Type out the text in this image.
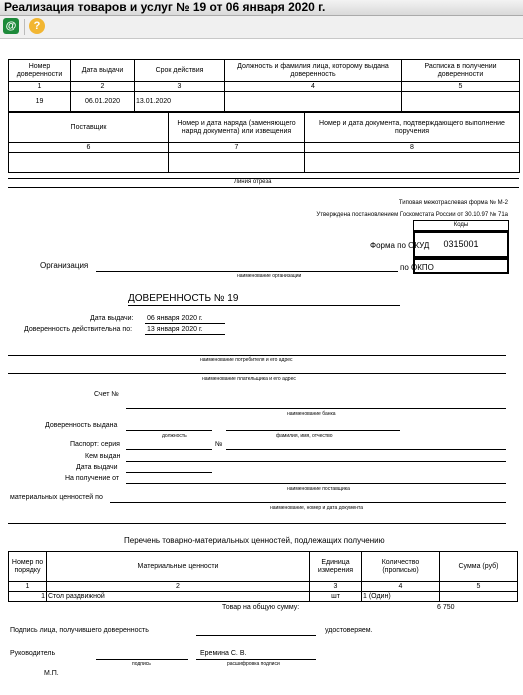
Реализация товаров и услуг № 19 от 06 января 2020 г.
@	?
Номер доверенности	Дата выдачи	Срок действия	Должность и фамилия лица, которому выдана доверенность	Расписка в получении доверенности
1	2	3	4	5
19	06.01.2020	13.01.2020		
Поставщик	Номер и дата наряда (заменяющего наряд документа) или извещения	Номер и дата документа, подтверждающего выполнение поручения
6	7	8

Линия отреза
Типовая межотраслевая форма № М-2
Утверждена постановлением Госкомстата России от 30.10.97 № 71а
Коды
Форма по ОКУД	0315001
Организация
наименование организации
по ОКПО
ДОВЕРЕННОСТЬ № 19
Дата выдачи: 06 января 2020 г.
Доверенность действительна по: 13 января 2020 г.
наименование потребителя и его адрес
наименование плательщика и его адрес
Счет №
наименование банка
Доверенность выдана
должность	фамилия, имя, отчество
Паспорт: серия	№
Кем выдан
Дата выдачи
На получение от
наименование поставщика
материальных ценностей по
наименование, номер и дата документа
Перечень товарно-материальных ценностей, подлежащих получению
Номер по порядку	Материальные ценности	Единица измерения	Количество (прописью)	Сумма (руб)
1	2	3	4	5
1	Стол раздвижной	шт	1 (Один)	
Товар на общую сумму:	6 750
Подпись лица, получившего доверенность	удостоверяем.
Руководитель	Еремина С. В.
подпись	расшифровка подписи
М.П.
